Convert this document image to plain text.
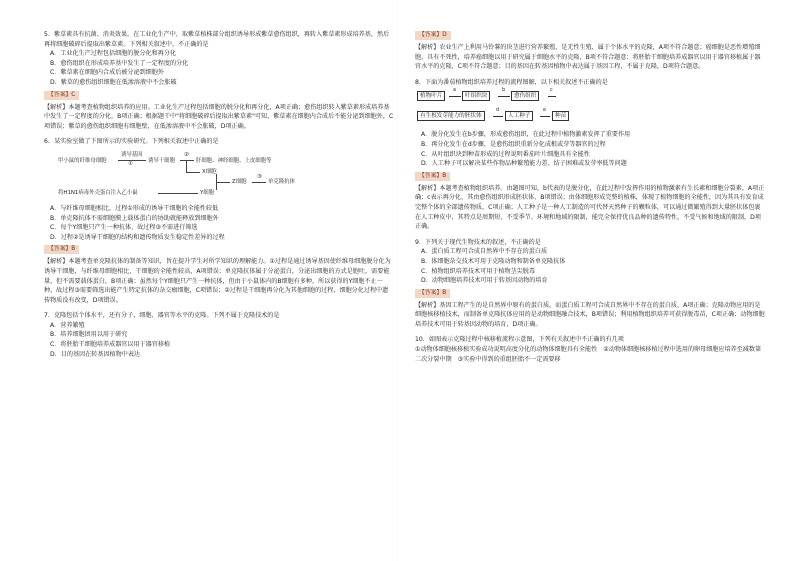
5．紫草素具有抗菌、消炎效果。在工业化生产中，取紫草植株部分组织诱导形成紫草愈伤组织，再转入紫草素形成培养基，然后再将细胞破碎后提取出紫草素。下列相关叙述中，不正确的是

A．工业化生产过程包括细胞的脱分化和再分化

B．愈伤组织在形成培养基中发生了一定程度的分化

C．紫草素在细胞内合成后被分泌到细胞外

D．紫草的愈伤组织细胞在低渗溶液中不会胀破

【答案】C

【解析】本题考查植物组织培养的应用。工业化生产过程包括细胞的脱分化和再分化，A项正确；愈伤组织转入紫草素形成培养基中发生了一定程度的分化，B项正确；根据题干中"将细胞破碎后提取出紫草素"可知，紫草素在细胞内合成后不能分泌到细胞外，C项错误；紫草的愈伤组织细胞有细胞壁，在低渗溶液中不会胀破，D项正确。

6．某实验室做了下图所示的实验研究。下列相关叙述中正确的是

甲小鼠的纤维母细胞
诱导基因
①	诱导干细胞
②
肝细胞、神经细胞、上皮细胞等
X细胞
Z细胞
③
单克隆抗体
将H1N1病毒外壳蛋白注入乙小鼠	Y细胞

A．与纤维母细胞相比，过程①形成的诱导干细胞的全能性较低

B．单克隆抗体不需细胞膜上载体蛋白的协助就能释放到细胞外

C．每个Y细胞只产生一种抗体，故过程③不需进行筛选

D．过程②是诱导干细胞的结构和遗传物质发生稳定性差异的过程

【答案】B

【解析】本题考查单克隆抗体的制备等知识，旨在提升学生对所学知识的理解能力。①过程是通过诱导基因使纤维母细胞脱分化为诱导干细胞，与纤维母细胞相比，干细胞的全能性较高，A项错误；单克隆抗体属于分泌蛋白，分泌出细胞的方式是胞吐，需要能量，但不需要载体蛋白，B项正确；虽然每个Y细胞只产生一种抗体，但由于小鼠体内的B细胞有多种，所以获得的Y细胞不止一种，故过程③需要筛选出能产生特定抗体的杂交瘤细胞，C项错误；②过程是干细胞再分化为其他细胞的过程，细胞分化过程中遗传物质没有改变，D项错误。

7．克隆包括个体水平，还有分子、细胞、器官等水平的克隆。下列不属于克隆技术的是

A．营养繁殖

B．培养细胞团用以用于研究

C．将胚胎干细胞培养成器官以用于器官移植

D．目的基因在转基因植物中表达

【答案】D

【解析】农业生产上利用马铃薯的块茎进行营养繁殖，是无性生殖，属于个体水平的克隆，A项不符合题意；癌细胞是恶性增殖细胞，具有不死性，培养癌细胞以用于研究属于细胞水平的克隆，B项不符合题意；将胚胎干细胞培养成器官以用于器官移植属于器官水平的克隆，C项不符合题意；目的基因在转基因植物中表达属于基因工程，不属于克隆，D项符合题意。

8．下面为番茄植物组织培养过程的流程图解，以下相关叙述不正确的是

植物叶片
a
叶组织块
b
愈伤组织
c
有生根发芽能力的胚状体
d
人工种子
e
种苗

A．脱分化发生在b步骤，形成愈伤组织，在此过程中植物激素发挥了重要作用

B．再分化发生在d步骤，是愈伤组织重新分化成根或芽等器官的过程

C．从叶组织块到种苗形成的过程说明番茄叶片细胞具有全能性

D．人工种子可以解决某些作物品种繁殖能力差、结子困难或发芽率低等问题

【答案】B

【解析】本题考查植物组织培养。由题图可知，b代表的是脱分化，在此过程中发挥作用的植物激素有生长素和细胞分裂素，A项正确；c表示再分化，其由愈伤组织形成胚状体，B项错误；由体细胞形成完整的植株，体现了植物细胞的全能性，因为其具有发育成完整个体的全部遗传物质，C项正确；人工种子是一种人工制造的可代替天然种子的颗粒体，可以通过微繁殖得到大量胚状体包裹在人工种皮中，其特点是周期短、不受季节、环境和地域的限制，能完全保持优良品种的遗传特性，不受气候和地域的限制，D项正确。

9．下列关于现代生物技术的叙述，不正确的是

A．蛋白质工程可合成自然界中不存在的蛋白质

B．体细胞杂交技术可用于克隆动物和制备单克隆抗体

C．植物组织培养技术可用于植物茎尖脱毒

D．动物细胞培养技术可用于转基因动物的培育

【答案】B

【解析】基因工程产生的是自然界中原有的蛋白质，而蛋白质工程可合成自然界中不存在的蛋白质，A项正确；克隆动物应用的是细胞核移植技术，而制备单克隆抗体应用的是动物细胞融合技术，B项错误；利用植物组织培养可获得脱毒苗，C项正确；动物细胞培养技术可用于转基因动物的培育，D项正确。

10．如图表示克隆过程中核移植流程示意图，下列有关叙述中不正确的有几项

①动物体细胞核移植实验成功说明高度分化的动物体细胞具有全能性　②动物体细胞核移植过程中选用的卵母细胞应培养至减数第二次分裂中期　③实验中得到的重组胚胎不一定需要移
